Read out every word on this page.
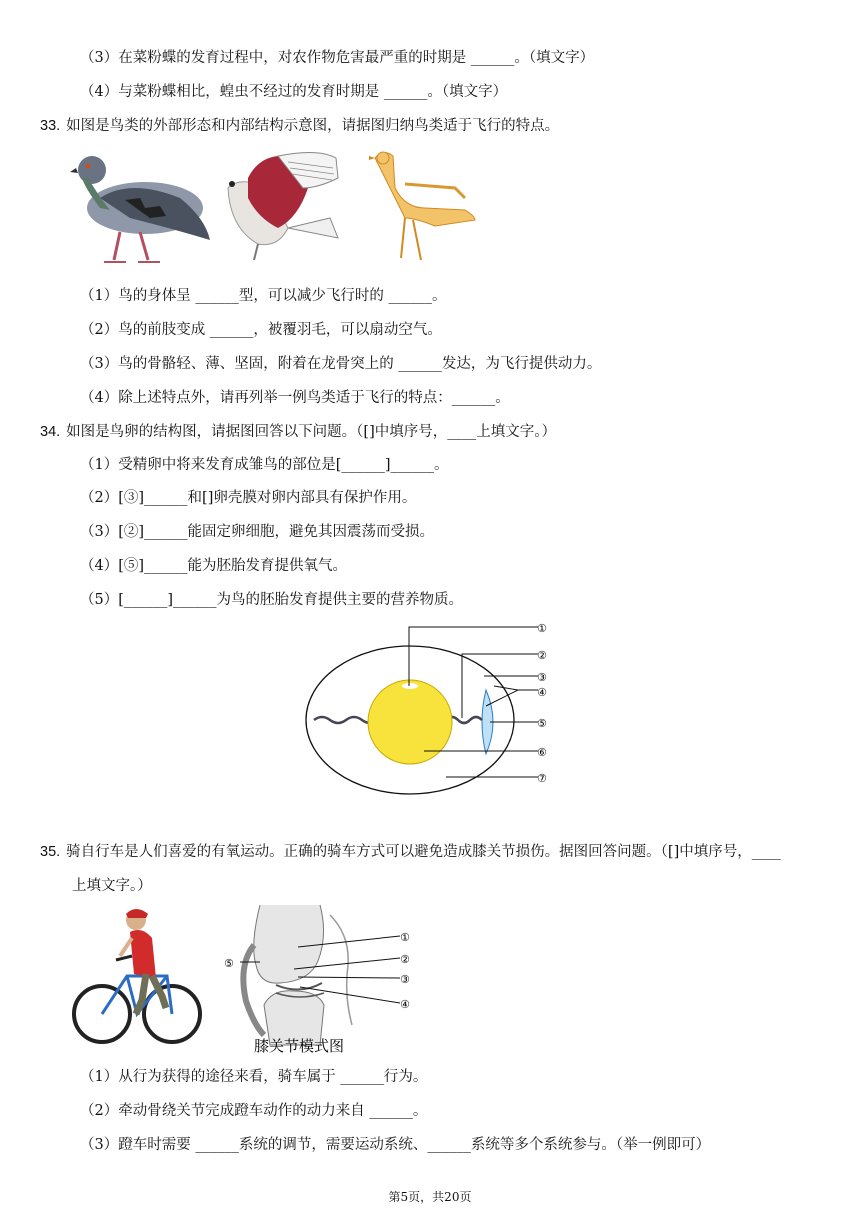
（3）在菜粉蝶的发育过程中，对农作物危害最严重的时期是 ______。（填文字）
（4）与菜粉蝶相比，蝗虫不经过的发育时期是 ______。（填文字）
33. 如图是鸟类的外部形态和内部结构示意图，请据图归纳鸟类适于飞行的特点。
（1）鸟的身体呈 ______型，可以减少飞行时的 ______。
（2）鸟的前肢变成 ______，被覆羽毛，可以扇动空气。
（3）鸟的骨骼轻、薄、坚固，附着在龙骨突上的 ______发达，为飞行提供动力。
（4）除上述特点外，请再列举一例鸟类适于飞行的特点：______。
34. 如图是鸟卵的结构图，请据图回答以下问题。（[]中填序号，____上填文字。）
（1）受精卵中将来发育成雏鸟的部位是[______]______。
（2）[③]______和[]卵壳膜对卵内部具有保护作用。
（3）[②]______能固定卵细胞，避免其因震荡而受损。
（4）[⑤]______能为胚胎发育提供氧气。
（5）[______]______为鸟的胚胎发育提供主要的营养物质。
①
②
③
④
⑤
⑥
⑦
35. 骑自行车是人们喜爱的有氧运动。正确的骑车方式可以避免造成膝关节损伤。据图回答问题。（[]中填序号，____
上填文字。）
①
②
③
④
⑤
膝关节模式图
（1）从行为获得的途径来看，骑车属于 ______行为。
（2）牵动骨绕关节完成蹬车动作的动力来自 ______。
（3）蹬车时需要 ______系统的调节，需要运动系统、______系统等多个系统参与。（举一例即可）
第5页，共20页
